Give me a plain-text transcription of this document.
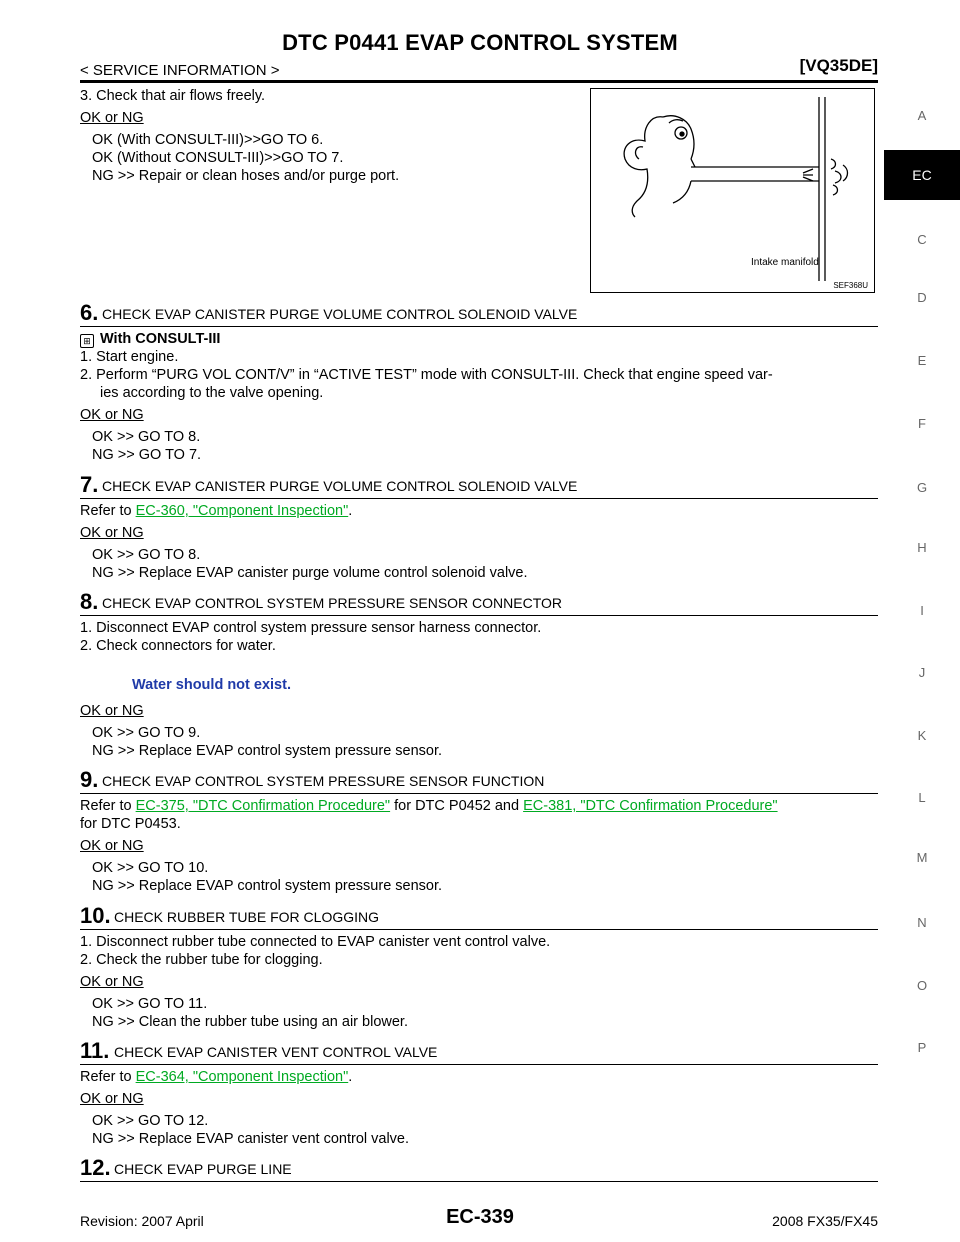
DTC P0441 EVAP CONTROL SYSTEM
< SERVICE INFORMATION >	[VQ35DE]
A
EC
C
D
E
F
G
H
I
J
K
L
M
N
O
P
Intake manifold
SEF368U
3. Check that air flows freely.
OK or NG
OK (With CONSULT-III)>>GO TO 6.
OK (Without CONSULT-III)>>GO TO 7.
NG >> Repair or clean hoses and/or purge port.
6. CHECK EVAP CANISTER PURGE VOLUME CONTROL SOLENOID VALVE
⊞ With CONSULT-III
1. Start engine.
2. Perform “PURG VOL CONT/V” in “ACTIVE TEST” mode with CONSULT-III. Check that engine speed var-
ies according to the valve opening.
OK or NG
OK >> GO TO 8.
NG >> GO TO 7.
7. CHECK EVAP CANISTER PURGE VOLUME CONTROL SOLENOID VALVE
Refer to EC-360, "Component Inspection".
OK or NG
OK >> GO TO 8.
NG >> Replace EVAP canister purge volume control solenoid valve.
8. CHECK EVAP CONTROL SYSTEM PRESSURE SENSOR CONNECTOR
1. Disconnect EVAP control system pressure sensor harness connector.
2. Check connectors for water.
Water should not exist.
OK or NG
OK >> GO TO 9.
NG >> Replace EVAP control system pressure sensor.
9. CHECK EVAP CONTROL SYSTEM PRESSURE SENSOR FUNCTION
Refer to EC-375, "DTC Confirmation Procedure" for DTC P0452 and EC-381, "DTC Confirmation Procedure"
for DTC P0453.
OK or NG
OK >> GO TO 10.
NG >> Replace EVAP control system pressure sensor.
10. CHECK RUBBER TUBE FOR CLOGGING
1. Disconnect rubber tube connected to EVAP canister vent control valve.
2. Check the rubber tube for clogging.
OK or NG
OK >> GO TO 11.
NG >> Clean the rubber tube using an air blower.
11. CHECK EVAP CANISTER VENT CONTROL VALVE
Refer to EC-364, "Component Inspection".
OK or NG
OK >> GO TO 12.
NG >> Replace EVAP canister vent control valve.
12. CHECK EVAP PURGE LINE
Revision: 2007 April	EC-339	2008 FX35/FX45
